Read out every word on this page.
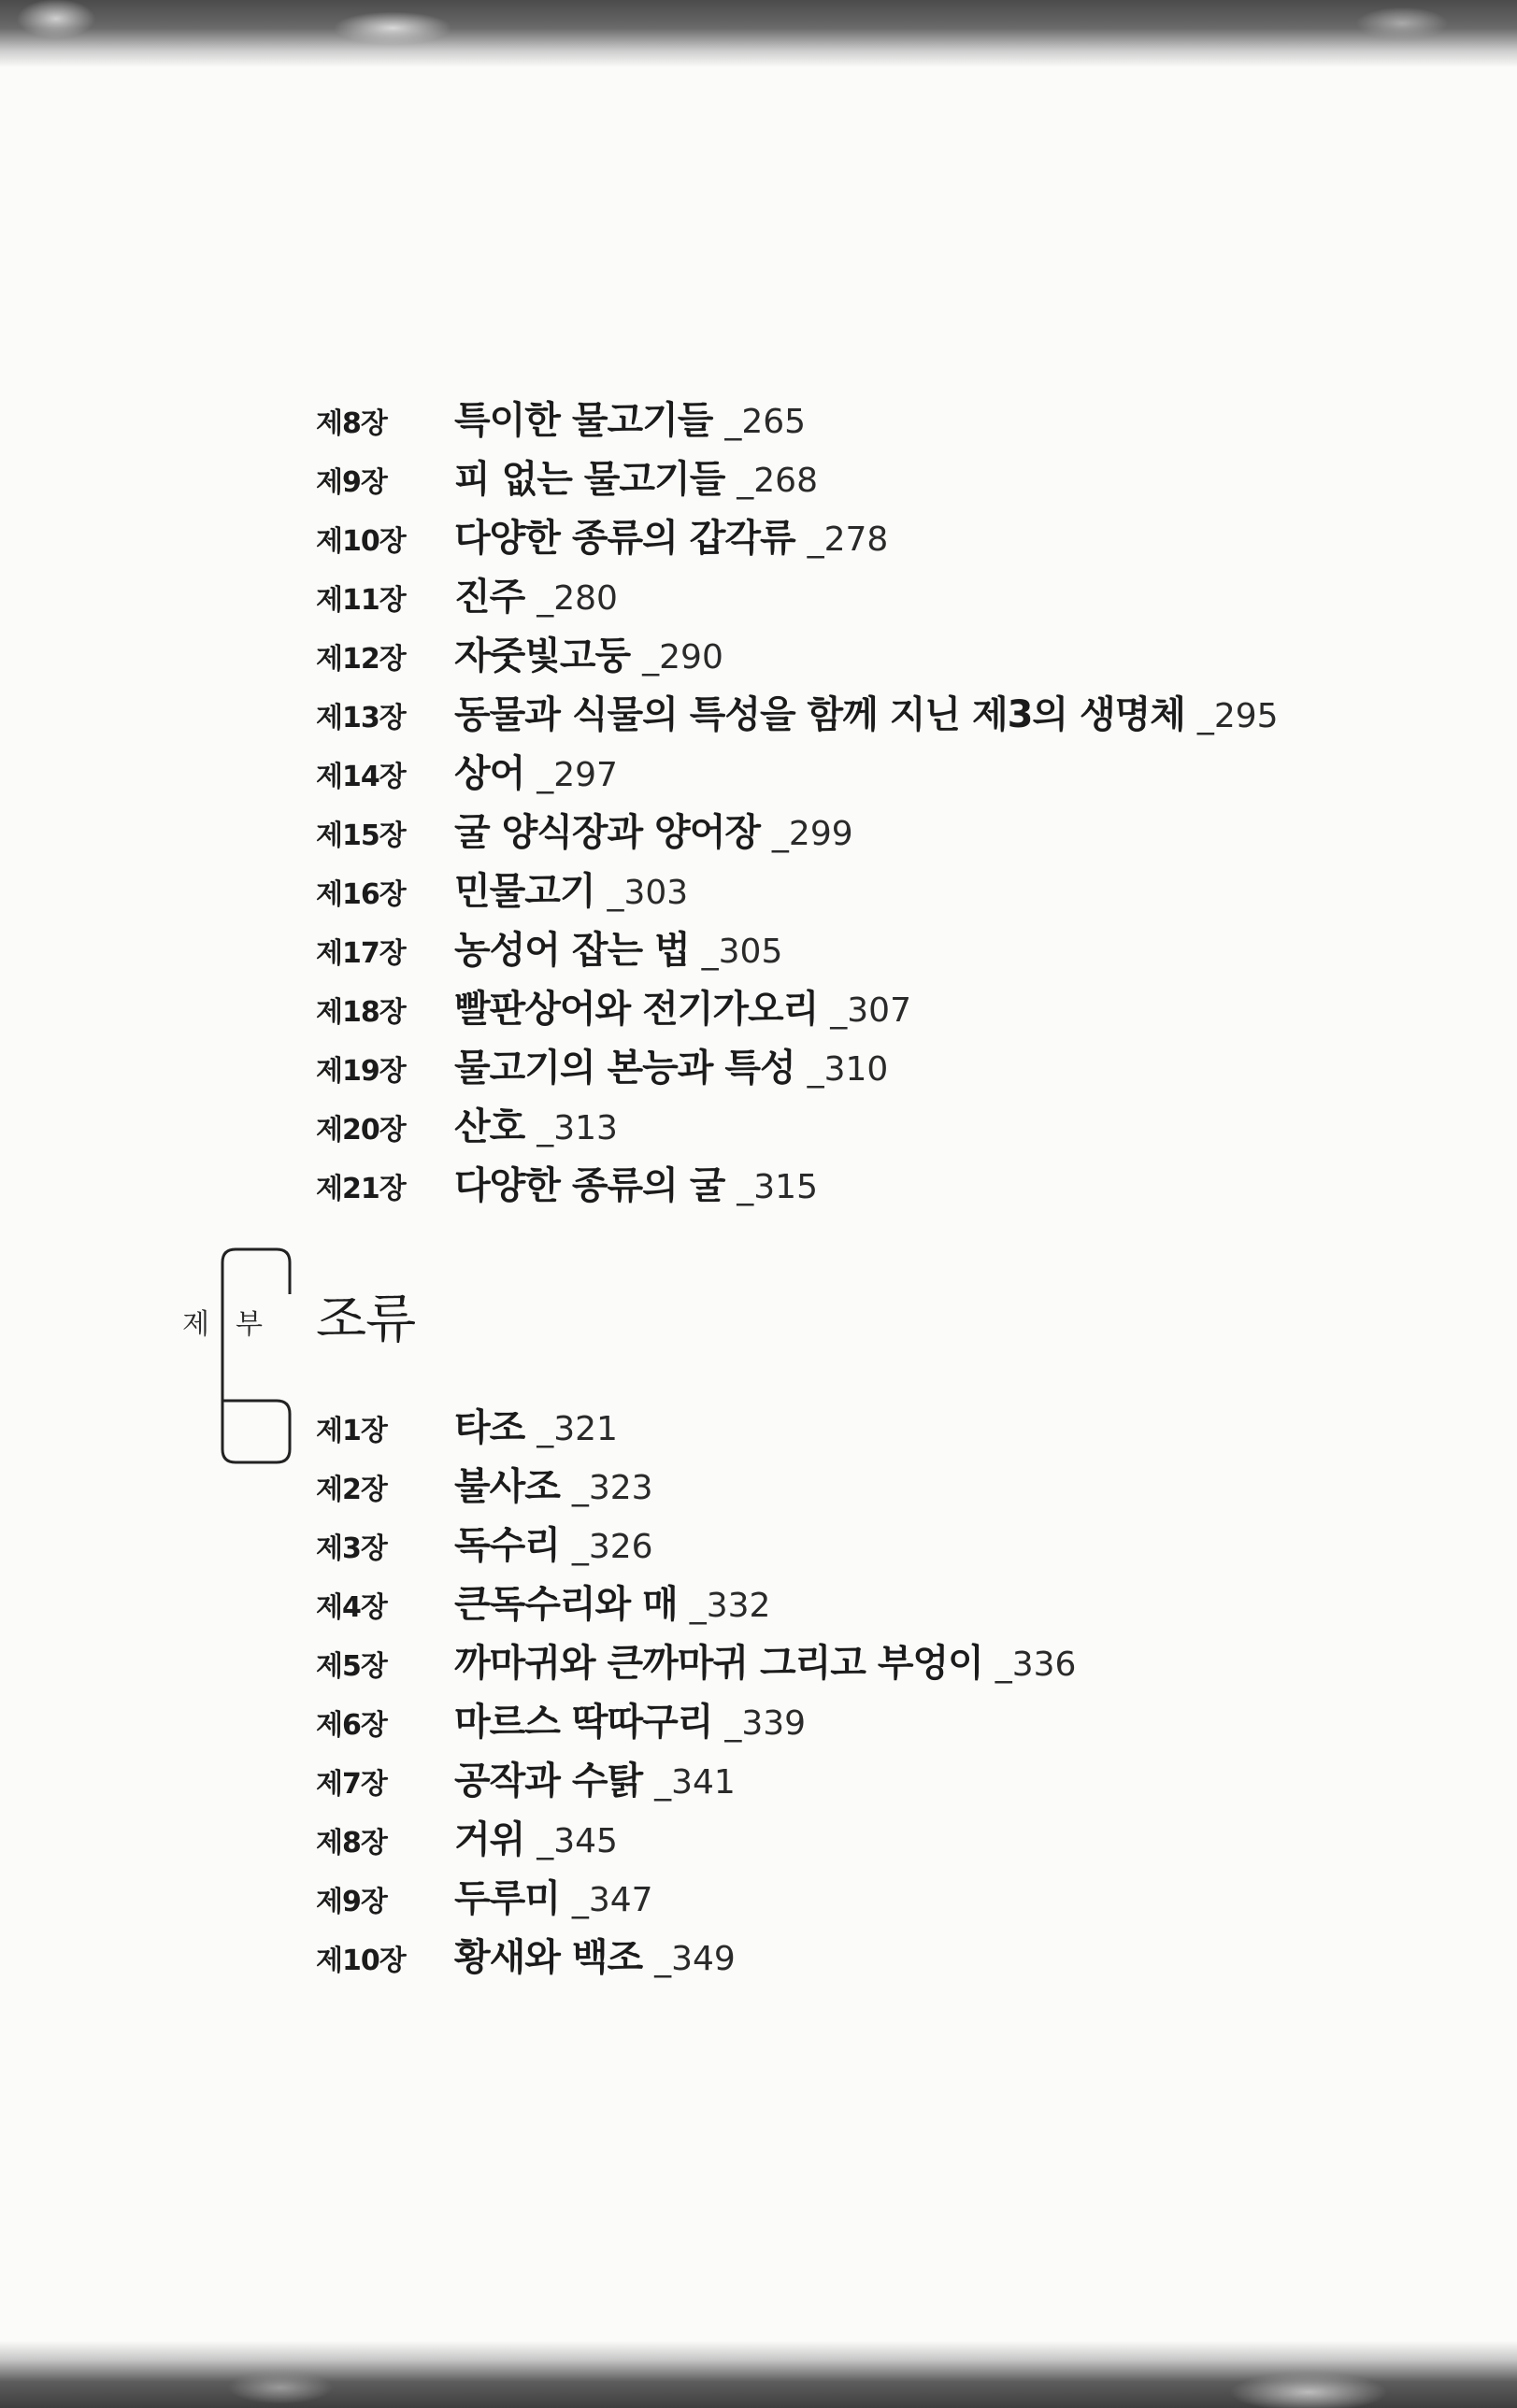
제8장 특이한 물고기들 _265
제9장 피 없는 물고기들 _268
제10장 다양한 종류의 갑각류 _278
제11장 진주 _280
제12장 자줏빛고둥 _290
제13장 동물과 식물의 특성을 함께 지닌 제3의 생명체 _295
제14장 상어 _297
제15장 굴 양식장과 양어장 _299
제16장 민물고기 _303
제17장 농성어 잡는 법 _305
제18장 빨판상어와 전기가오리 _307
제19장 물고기의 본능과 특성 _310
제20장 산호 _313
제21장 다양한 종류의 굴 _315
제 부 조류
제1장 타조 _321
제2장 불사조 _323
제3장 독수리 _326
제4장 큰독수리와 매 _332
제5장 까마귀와 큰까마귀 그리고 부엉이 _336
제6장 마르스 딱따구리 _339
제7장 공작과 수탉 _341
제8장 거위 _345
제9장 두루미 _347
제10장 황새와 백조 _349
